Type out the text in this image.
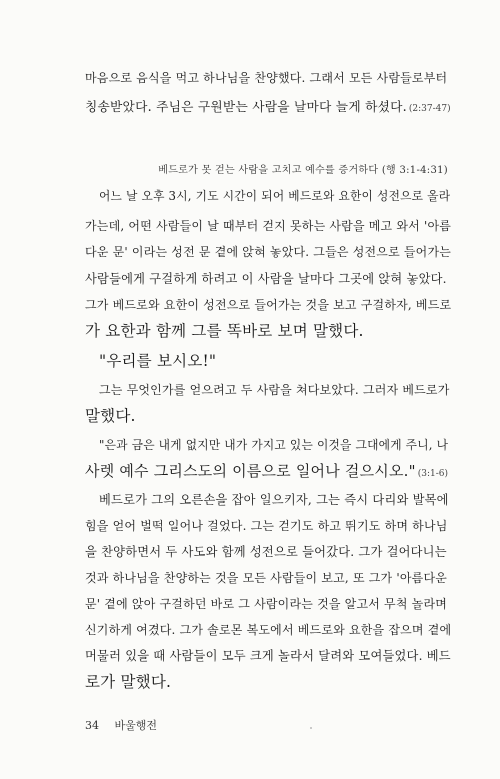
마음으로 음식을 먹고 하나님을 찬양했다. 그래서 모든 사람들로부터
칭송받았다. 주님은 구원받는 사람을 날마다 늘게 하셨다. (2:37-47)
베드로가 못 걷는 사람을 고치고 예수를 증거하다 (행 3:1-4:31)
어느 날 오후 3시, 기도 시간이 되어 베드로와 요한이 성전으로 올라
가는데, 어떤 사람들이 날 때부터 걷지 못하는 사람을 메고 와서 '아름
다운 문' 이라는 성전 문 곁에 앉혀 놓았다. 그들은 성전으로 들어가는
사람들에게 구걸하게 하려고 이 사람을 날마다 그곳에 앉혀 놓았다.
그가 베드로와 요한이 성전으로 들어가는 것을 보고 구걸하자, 베드로
가 요한과 함께 그를 똑바로 보며 말했다.
"우리를 보시오!"
그는 무엇인가를 얻으려고 두 사람을 쳐다보았다. 그러자 베드로가
말했다.
"은과 금은 내게 없지만 내가 가지고 있는 이것을 그대에게 주니, 나
사렛 예수 그리스도의 이름으로 일어나 걸으시오." (3:1-6)
베드로가 그의 오른손을 잡아 일으키자, 그는 즉시 다리와 발목에
힘을 얻어 벌떡 일어나 걸었다. 그는 걷기도 하고 뛰기도 하며 하나님
을 찬양하면서 두 사도와 함께 성전으로 들어갔다. 그가 걸어다니는
것과 하나님을 찬양하는 것을 모든 사람들이 보고, 또 그가 '아름다운
문' 곁에 앉아 구걸하던 바로 그 사람이라는 것을 알고서 무척 놀라며
신기하게 여겼다. 그가 솔로몬 복도에서 베드로와 요한을 잡으며 곁에
머물러 있을 때 사람들이 모두 크게 놀라서 달려와 모여들었다. 베드
로가 말했다.
34 바울행전
